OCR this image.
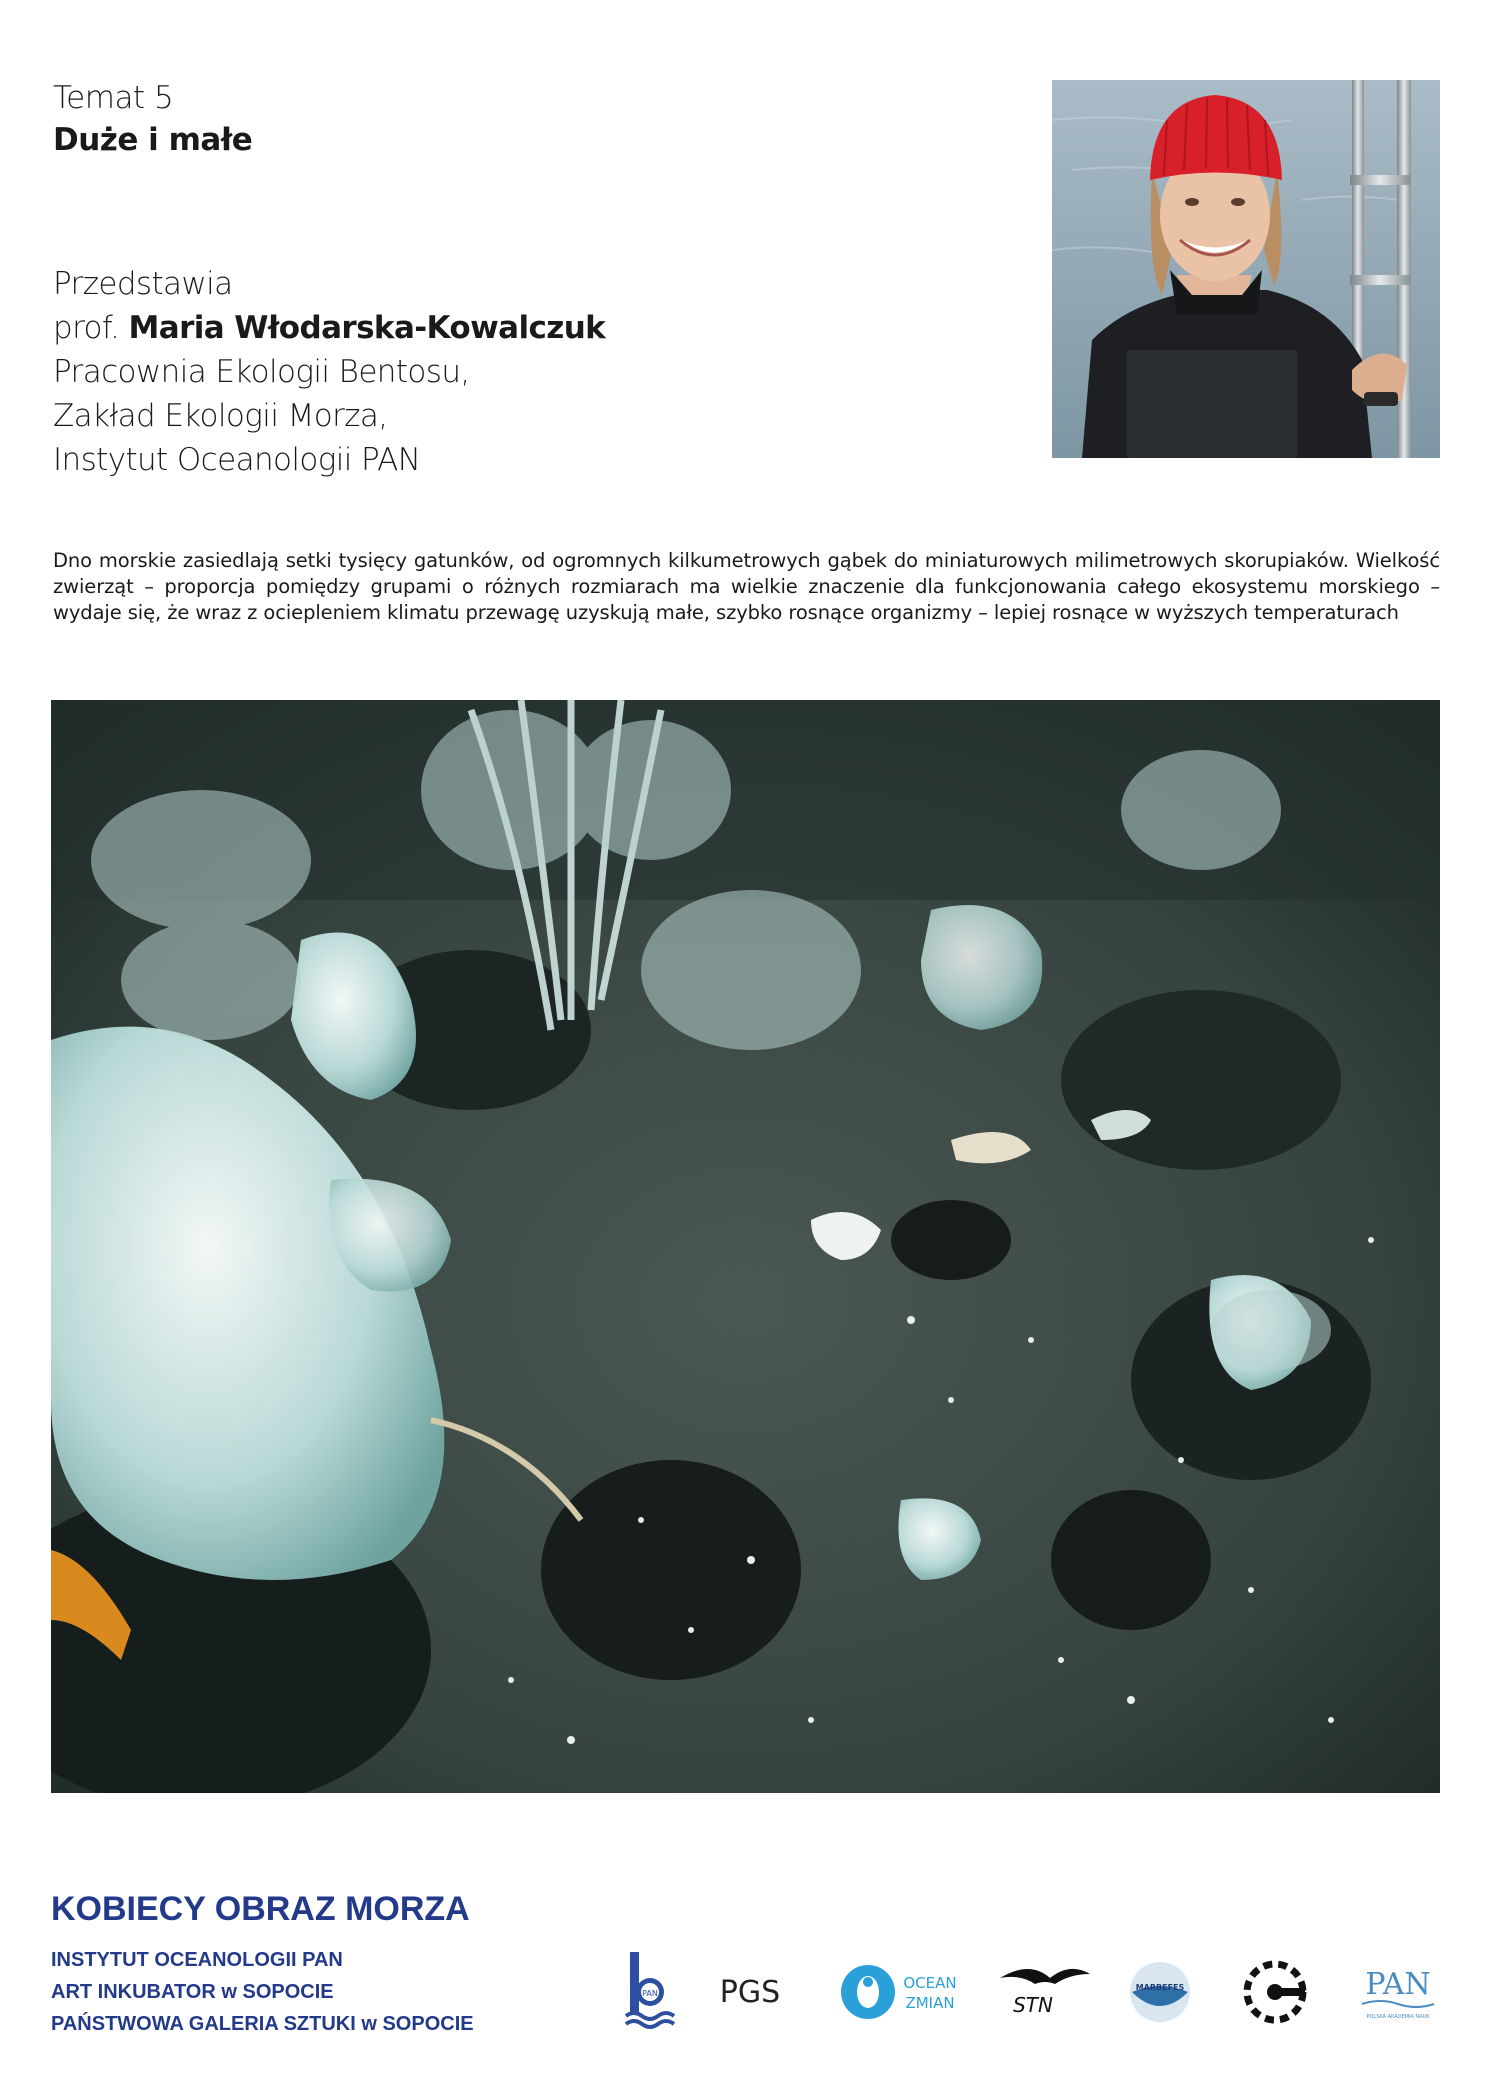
Temat 5
Duże i małe
Przedstawia
prof. Maria Włodarska-Kowalczuk
Pracownia Ekologii Bentosu,
Zakład Ekologii Morza,
Instytut Oceanologii PAN
Dno morskie zasiedlają setki tysięcy gatunków, od ogromnych kilkumetrowych gąbek do miniaturowych milimetrowych skorupiaków. Wielkość zwierząt – proporcja pomiędzy grupami o różnych rozmiarach ma wielkie znaczenie dla funkcjonowania całego ekosystemu morskiego – wydaje się, że wraz z ociepleniem klimatu przewagę uzyskują małe, szybko rosnące organizmy – lepiej rosnące w wyższych temperaturach
KOBIECY OBRAZ MORZA
INSTYTUT OCEANOLOGII PAN
ART INKUBATOR w SOPOCIE
PAŃSTWOWA GALERIA SZTUKI w SOPOCIE
PAN PGS	OCEAN
ZMIAN	STN
MARBEFES	PAN
POLSKA AKADEMIA NAUK
